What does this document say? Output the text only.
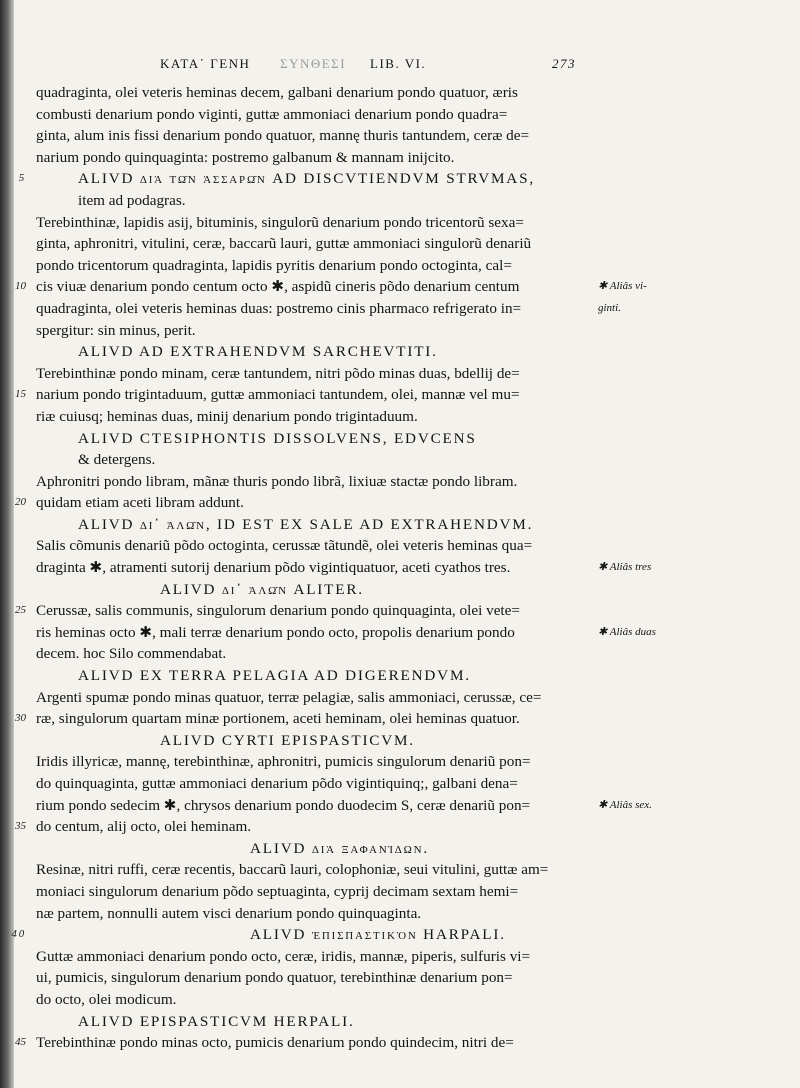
ΚΑΤΑ΄ ΓΕΝΗ ΣΥΝΘΕΣΙ LIB. VI.	273
quadraginta, olei veteris heminas decem, galbani denarium pondo quatuor, æris
combusti denarium pondo viginti, guttæ ammoniaci denarium pondo quadra=
ginta, alum inis fissi denarium pondo quatuor, mannę thuris tantundem, ceræ de=
narium pondo quinquaginta: postremo galbanum & mannam inijcito.
ALIVD διὰ τῶν ἀσσαρῶν AD DISCVTIENDVM STRVMAS,
5
item ad podagras.
Terebinthinæ, lapidis asij, bituminis, singulorũ denarium pondo tricentorũ sexa=
ginta, aphronitri, vitulini, ceræ, baccarũ lauri, guttæ ammoniaci singulorũ denariũ
pondo tricentorum quadraginta, lapidis pyritis denarium pondo octoginta, cal=
cis viuæ denarium pondo centum octo ✱, aspidũ cineris põdo denarium centum
10
quadraginta, olei veteris heminas duas: postremo cinis pharmaco refrigerato in=
spergitur: sin minus, perit.
ALIVD AD EXTRAHENDVM SARCHEVTITI.
Terebinthinæ pondo minam, ceræ tantundem, nitri põdo minas duas, bdellij de=
narium pondo trigintaduum, guttæ ammoniaci tantundem, olei, mannæ vel mu=
15
riæ cuiusq; heminas duas, minij denarium pondo trigintaduum.
ALIVD CTESIPHONTIS DISSOLVENS, EDVCENS
& detergens.
Aphronitri pondo libram, mãnæ thuris pondo librã, lixiuæ stactæ pondo libram.
quidam etiam aceti libram addunt.
20
ALIVD δι᾽ ἁλῶν, ID EST EX SALE AD EXTRAHENDVM.
Salis cõmunis denariũ põdo octoginta, cerussæ tãtundẽ, olei veteris heminas qua=
draginta ✱, atramenti sutorij denarium põdo vigintiquatuor, aceti cyathos tres.
ALIVD δι᾽ ἁλῶν ALITER.
Cerussæ, salis communis, singulorum denarium pondo quinquaginta, olei vete=
25
ris heminas octo ✱, mali terræ denarium pondo octo, propolis denarium pondo
decem. hoc Silo commendabat.
ALIVD EX TERRA PELAGIA AD DIGERENDVM.
Argenti spumæ pondo minas quatuor, terræ pelagiæ, salis ammoniaci, cerussæ, ce=
ræ, singulorum quartam minæ portionem, aceti heminam, olei heminas quatuor.
30
ALIVD CYRTI EPISPASTICVM.
Iridis illyricæ, mannę, terebinthinæ, aphronitri, pumicis singulorum denariũ pon=
do quinquaginta, guttæ ammoniaci denarium põdo vigintiquinq;, galbani dena=
rium pondo sedecim ✱, chrysos denarium pondo duodecim S, ceræ denariũ pon=
do centum, alij octo, olei heminam.
35
ALIVD διὰ ξαφανίδων.
Resinæ, nitri ruffi, ceræ recentis, baccarũ lauri, colophoniæ, seui vitulini, guttæ am=
moniaci singulorum denarium põdo septuaginta, cyprij decimam sextam hemi=
næ partem, nonnulli autem visci denarium pondo quinquaginta.
ALIVD ἐπισπαστικὸν HARPALI.
40
Guttæ ammoniaci denarium pondo octo, ceræ, iridis, mannæ, piperis, sulfuris vi=
ui, pumicis, singulorum denarium pondo quatuor, terebinthinæ denarium pon=
do octo, olei modicum.
ALIVD EPISPASTICVM HERPALI.
Terebinthinæ pondo minas octo, pumicis denarium pondo quindecim, nitri de=
45
✱ Aliâs vi-
ginti.
✱ Aliâs tres
✱ Aliâs duas
✱ Aliâs sex.
